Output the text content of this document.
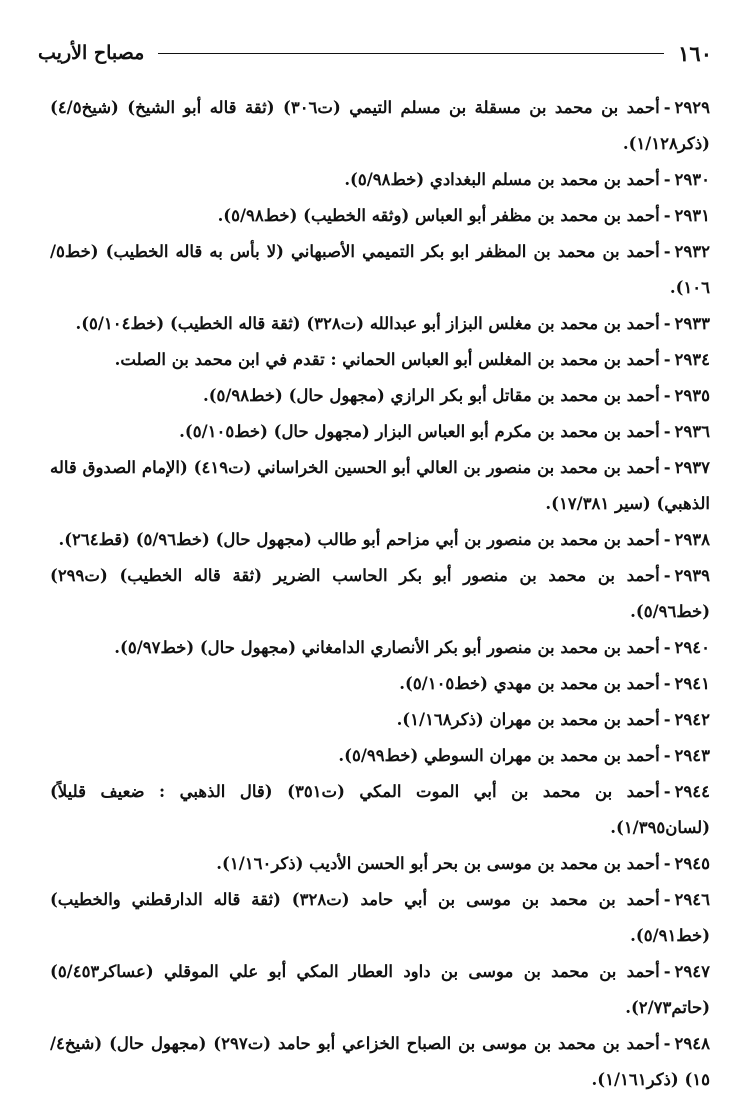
١٦٠
مصباح الأريب
٢٩٢٩-أحمد بن محمد بن مسقلة بن مسلم التيمي (ت٣٠٦) (ثقة قاله أبو الشيخ) (شيخ٤/٥) (ذكر١/١٢٨).
٢٩٣٠-أحمد بن محمد بن مسلم البغدادي (خط٥/٩٨).
٢٩٣١-أحمد بن محمد بن مظفر أبو العباس (وثقه الخطيب) (خط٥/٩٨).
٢٩٣٢-أحمد بن محمد بن المظفر ابو بكر التميمي الأصبهاني (لا بأس به قاله الخطيب) (خط٥/ ١٠٦).
٢٩٣٣-أحمد بن محمد بن مغلس البزاز أبو عبدالله (ت٣٢٨) (ثقة قاله الخطيب) (خط٥/١٠٤).
٢٩٣٤-أحمد بن محمد بن المغلس أبو العباس الحماني : تقدم في ابن محمد بن الصلت.
٢٩٣٥-أحمد بن محمد بن مقاتل أبو بكر الرازي (مجهول حال) (خط٥/٩٨).
٢٩٣٦-أحمد بن محمد بن مكرم أبو العباس البزار (مجهول حال) (خط٥/١٠٥).
٢٩٣٧-أحمد بن محمد بن منصور بن العالي أبو الحسين الخراساني (ت٤١٩) (الإمام الصدوق قاله الذهبي) (سير ١٧/٣٨١).
٢٩٣٨-أحمد بن محمد بن منصور بن أبي مزاحم أبو طالب (مجهول حال) (خط٥/٩٦) (قط٢٦٤).
٢٩٣٩-أحمد بن محمد بن منصور أبو بكر الحاسب الضرير (ثقة قاله الخطيب) (ت٢٩٩) (خط٥/٩٦).
٢٩٤٠-أحمد بن محمد بن منصور أبو بكر الأنصاري الدامغاني (مجهول حال) (خط٥/٩٧).
٢٩٤١-أحمد بن محمد بن مهدي (خط٥/١٠٥).
٢٩٤٢-أحمد بن محمد بن مهران (ذكر١/١٦٨).
٢٩٤٣-أحمد بن محمد بن مهران السوطي (خط٥/٩٩).
٢٩٤٤-أحمد بن محمد بن أبي الموت المكي (ت٣٥١) (قال الذهبي : ضعيف قليلاً) (لسان١/٣٩٥).
٢٩٤٥-أحمد بن محمد بن موسى بن بحر أبو الحسن الأديب (ذكر١/١٦٠).
٢٩٤٦-أحمد بن محمد بن موسى بن أبي حامد (ت٣٢٨) (ثقة قاله الدارقطني والخطيب) (خط٥/٩١).
٢٩٤٧-أحمد بن محمد بن موسى بن داود العطار المكي أبو علي الموقلي (عساكر٥/٤٥٣) (حاتم٢/٧٣).
٢٩٤٨-أحمد بن محمد بن موسى بن الصباح الخزاعي أبو حامد (ت٢٩٧) (مجهول حال) (شيخ٤/ ١٥) (ذكر١/١٦١).
